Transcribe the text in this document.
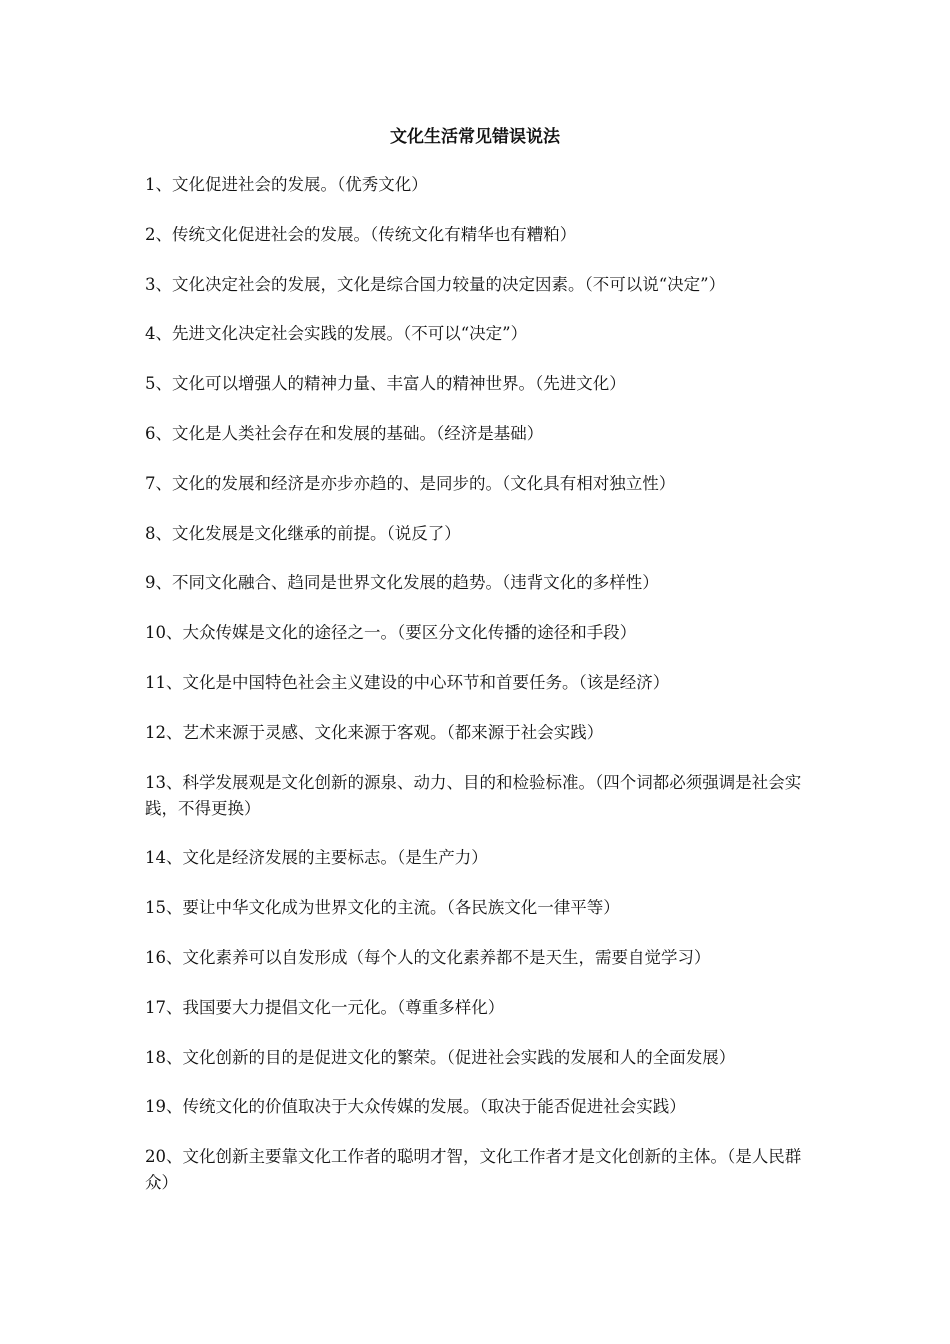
文化生活常见错误说法
1、文化促进社会的发展。（优秀文化）
2、传统文化促进社会的发展。（传统文化有精华也有糟粕）
3、文化决定社会的发展，文化是综合国力较量的决定因素。（不可以说“决定”）
4、先进文化决定社会实践的发展。（不可以“决定”）
5、文化可以增强人的精神力量、丰富人的精神世界。（先进文化）
6、文化是人类社会存在和发展的基础。（经济是基础）
7、文化的发展和经济是亦步亦趋的、是同步的。（文化具有相对独立性）
8、文化发展是文化继承的前提。（说反了）
9、不同文化融合、趋同是世界文化发展的趋势。（违背文化的多样性）
10、大众传媒是文化的途径之一。（要区分文化传播的途径和手段）
11、文化是中国特色社会主义建设的中心环节和首要任务。（该是经济）
12、艺术来源于灵感、文化来源于客观。（都来源于社会实践）
13、科学发展观是文化创新的源泉、动力、目的和检验标准。（四个词都必须强调是社会实践，不得更换）
14、文化是经济发展的主要标志。（是生产力）
15、要让中华文化成为世界文化的主流。（各民族文化一律平等）
16、文化素养可以自发形成（每个人的文化素养都不是天生，需要自觉学习）
17、我国要大力提倡文化一元化。（尊重多样化）
18、文化创新的目的是促进文化的繁荣。（促进社会实践的发展和人的全面发展）
19、传统文化的价值取决于大众传媒的发展。（取决于能否促进社会实践）
20、文化创新主要靠文化工作者的聪明才智，文化工作者才是文化创新的主体。（是人民群众）
